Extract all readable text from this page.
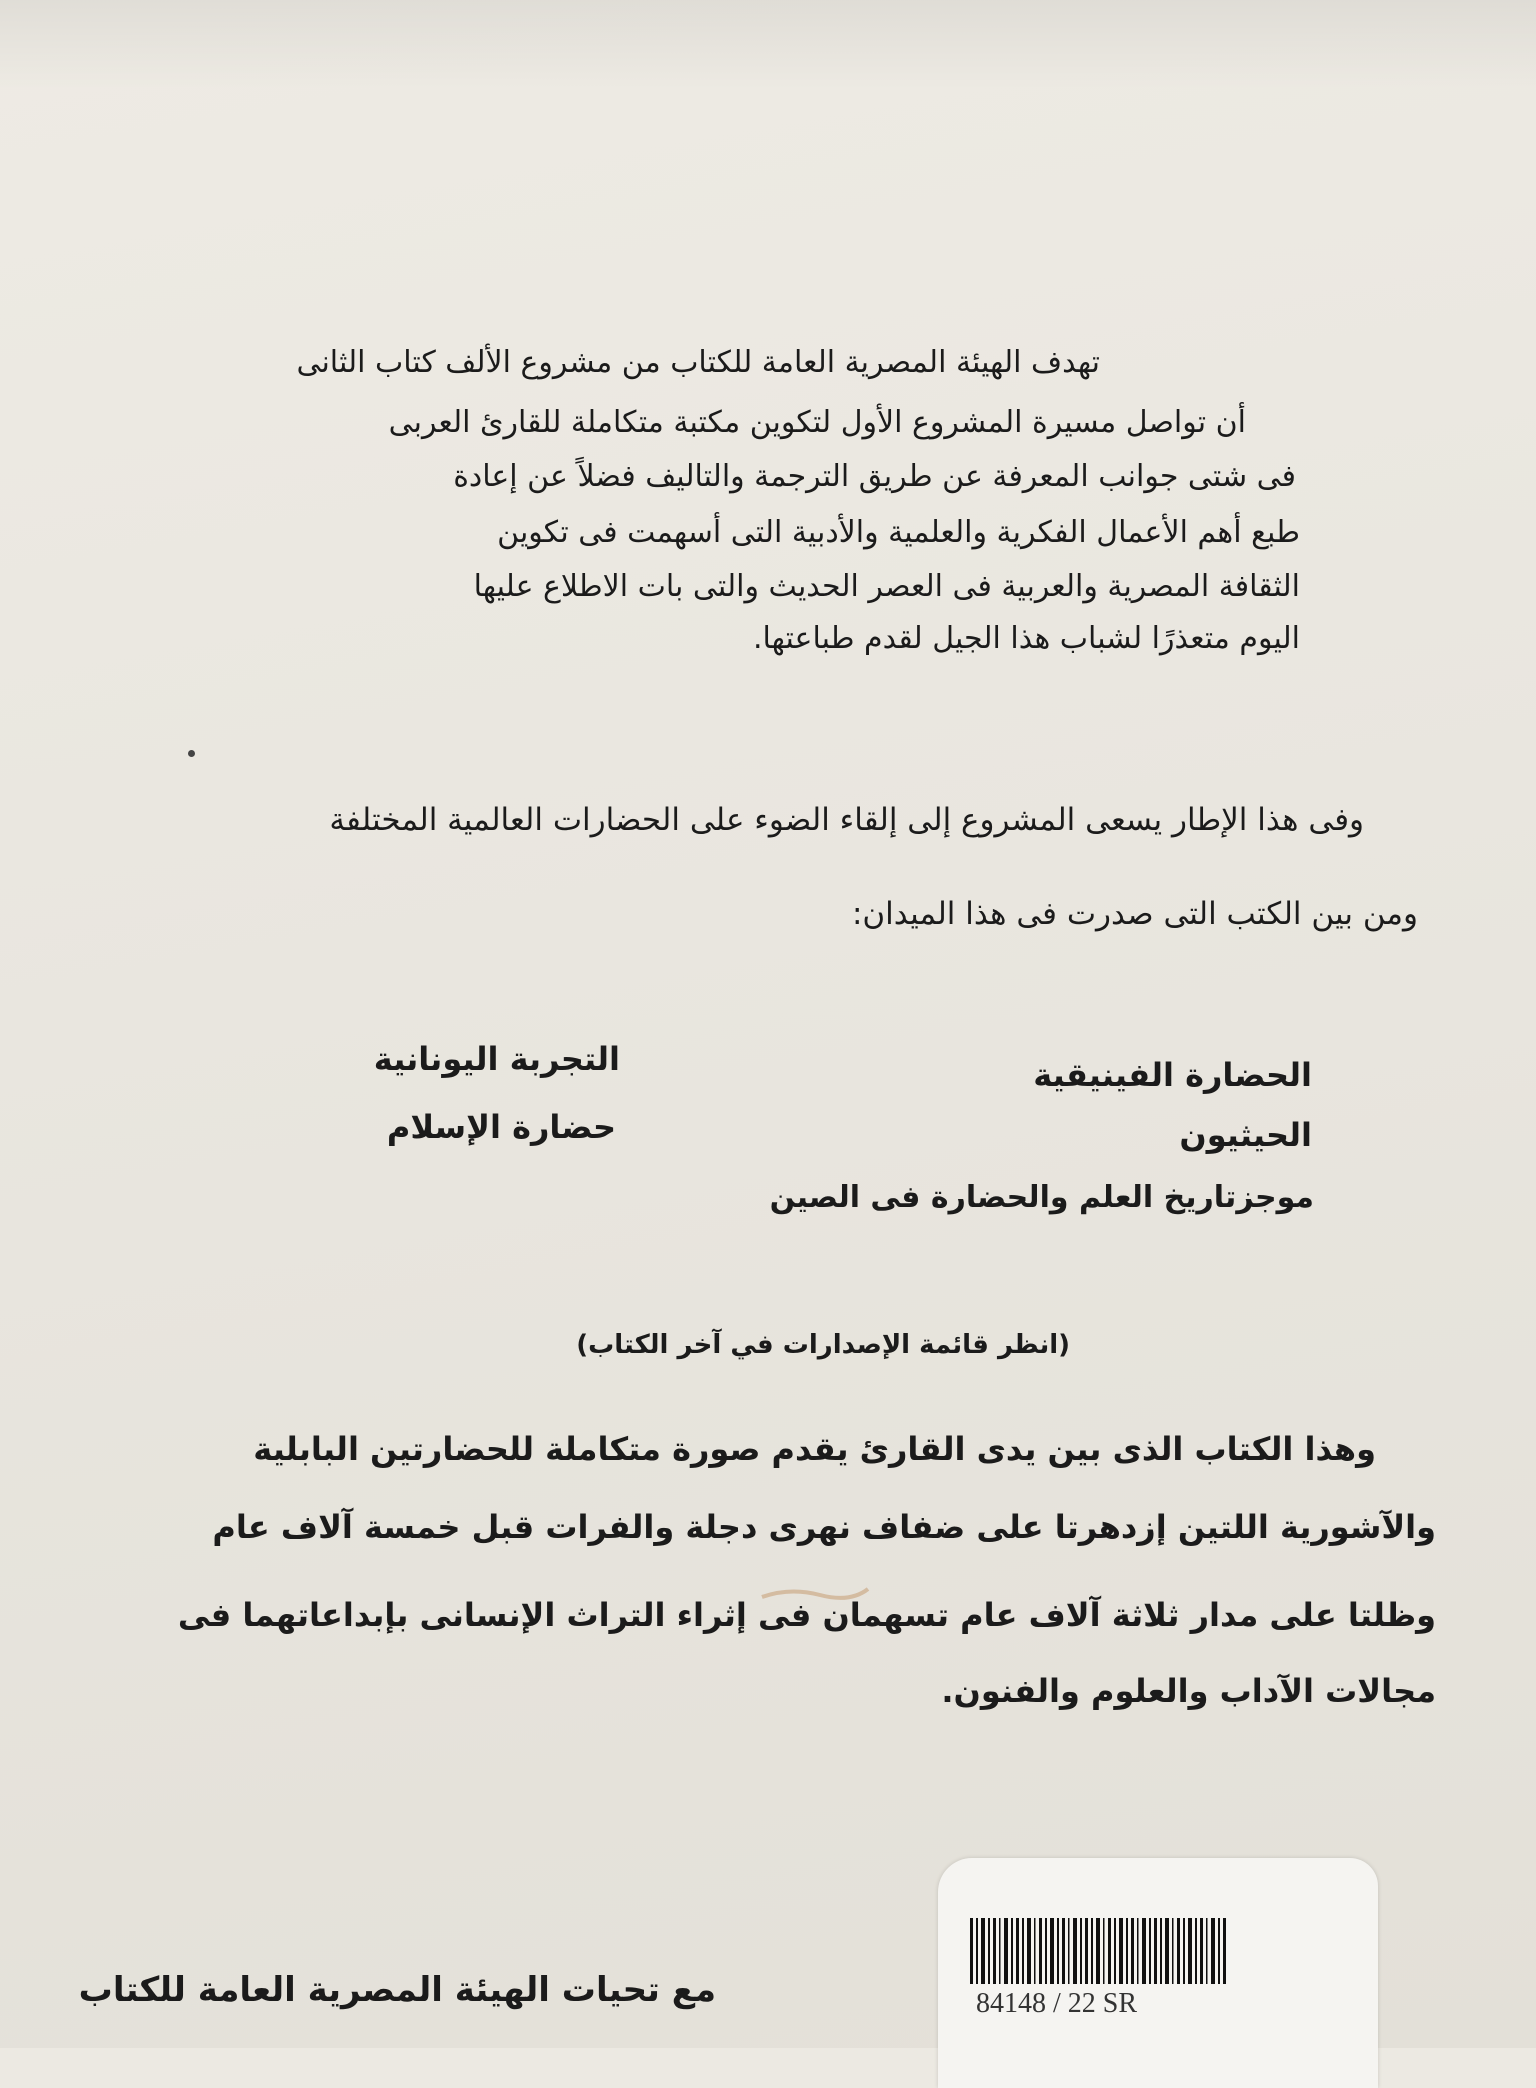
تهدف الهيئة المصرية العامة للكتاب من مشروع الألف كتاب الثانى
أن تواصل مسيرة المشروع الأول لتكوين مكتبة متكاملة للقارئ العربى
فى شتى جوانب المعرفة عن طريق الترجمة والتاليف فضلاً عن إعادة
طبع أهم الأعمال الفكرية والعلمية والأدبية التى أسهمت فى تكوين
الثقافة المصرية والعربية فى العصر الحديث والتى بات الاطلاع عليها
اليوم متعذرًا لشباب هذا الجيل لقدم طباعتها.
وفى هذا الإطار يسعى المشروع إلى إلقاء الضوء على الحضارات العالمية المختلفة
ومن بين الكتب التى صدرت فى هذا الميدان:
الحضارة الفينيقية
الحيثيون
موجزتاريخ العلم والحضارة فى الصين
التجربة اليونانية
حضارة الإسلام
(انظر قائمة الإصدارات في آخر الكتاب)
وهذا الكتاب الذى بين يدى القارئ يقدم صورة متكاملة للحضارتين البابلية
والآشورية اللتين إزدهرتا على ضفاف نهرى دجلة والفرات قبل خمسة آلاف عام
وظلتا على مدار ثلاثة آلاف عام تسهمان فى إثراء التراث الإنسانى بإبداعاتهما فى
مجالات الآداب والعلوم والفنون.
مع تحيات الهيئة المصرية العامة للكتاب	84148 / 22 SR
